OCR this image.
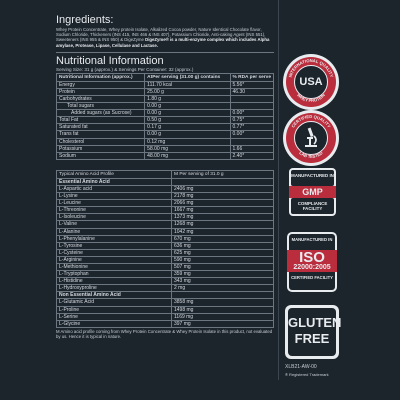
Ingredients:
Whey Protein Concentrate, Whey protein Isolate, Alkalized Cocoa powder, Nature Identical Chocolate flavor, Sodium Chloride, Thickeners (INS 415, INS 466 & INS 407), Potassium Chloride, Anti-caking Agent (INS 551), Sweeteners (INS 955 & INS 950) & DigeZyme DigeZyme® is a multi-enzyme complex which includes Alpha amylase, Protease, Lipase, Cellulase and Lactase.
Nutritional Information
Serving Size: 31 g (approx.) & Servings Per Container: 32 (approx.)
Nutritional Information (approx.)	AtPer serving (31.00 g) contains	% RDA per serve
Energy	111.70 kcal	5.56*
Protein	25.00 g	46.30
Carbohydrates	1.80 g	
Total sugars	0.00 g	
Added sugars (as Sucrose)	0.00 g	0.00*
Total Fat	0.50 g	0.75*
Saturated fat	0.17 g	0.77*
Trans fat	0.00 g	0.00*
Cholesterol	0.12 mg	
Potassium	58.00 mg	1.66
Sodium	48.00 mg	2.40*
Typical Amino Acid Profile	M Per serving of 31.0 g
Essential Amino Acid	
L-Aspartic acid	2406 mg
L-Lysine	2178 mg
L-Leucine	2066 mg
L-Threonine	1667 mg
L-Isoleucine	1373 mg
L-Valine	1268 mg
L-Alanine	1042 mg
L-Phenylalanine	670 mg
L-Tyrosine	636 mg
L-Cysteine	625 mg
L-Arginine	590 mg
L-Methionine	507 mg
L-Tryptophan	359 mg
L-Histidine	343 mg
L-Hydroxyproline	2 mg
Non Essential Amino Acid	
L-Glutamic Acid	3858 mg
L-Proline	1498 mg
L-Serine	1169 mg
L-Glycine	397 mg
M Amino acid profile coming from Whey Protein Concentrate & Whey Protein Isolate in this product, not evaluated by us. Hence it is typical in nature.
INTERNATIONAL QUALITY
WHEY PROTEIN
USA
CERTIFIED QUALITY
LAB TESTED
MANUFACTURED IN
GMP
COMPLIANCE FACILITY
MANUFACTURED IN
ISO
22000:2005
CERTIFIED FACILITY
GLUTEN
FREE
XLB21-AW-00
® Registered Trademark
